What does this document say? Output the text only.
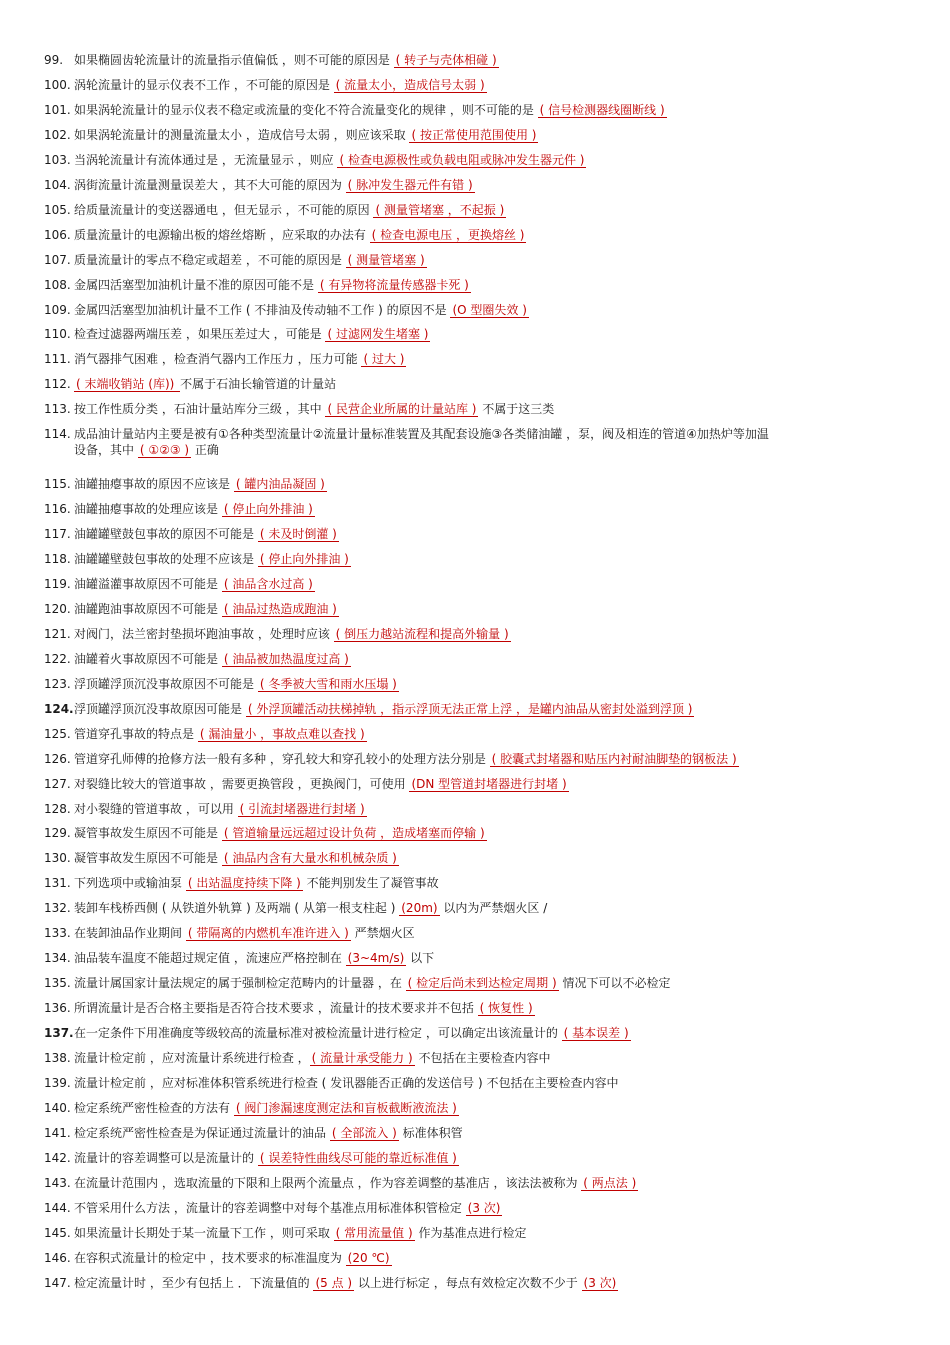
99. 如果椭圆齿轮流量计的流量指示值偏低 ，则不可能的原因是 ( 转子与壳体相碰 )
100. 涡轮流量计的显示仪表不工作 ，不可能的原因是 ( 流量太小，造成信号太弱 )
101. 如果涡轮流量计的显示仪表不稳定或流量的变化不符合流量变化的规律 ，则不可能的是 ( 信号检测器线圈断线 )
102. 如果涡轮流量计的测量流量太小 ，造成信号太弱 ，则应该采取 ( 按正常使用范围使用 )
103. 当涡轮流量计有流体通过是 ，无流量显示 ，则应 ( 检查电源极性或负载电阻或脉冲发生器元件 )
104. 涡街流量计流量测量误差大 ，其不大可能的原因为 ( 脉冲发生器元件有错 )
105. 给质量流量计的变送器通电 ，但无显示 ，不可能的原因 ( 测量管堵塞 ，不起振 )
106. 质量流量计的电源输出板的熔丝熔断 ，应采取的办法有 ( 检查电源电压 ，更换熔丝 )
107. 质量流量计的零点不稳定或超差 ，不可能的原因是 ( 测量管堵塞 )
108. 金属四活塞型加油机计量不准的原因可能不是 ( 有异物将流量传感器卡死 )
109. 金属四活塞型加油机计量不工作 ( 不排油及传动轴不工作 ) 的原因不是 (O 型圈失效 )
110. 检查过滤器两端压差 ，如果压差过大 ，可能是 ( 过滤网发生堵塞 )
111. 消气器排气困难 ，检查消气器内工作压力 ，压力可能 ( 过大 )
112. ( 末端收销站 (库)) 不属于石油长输管道的计量站
113. 按工作性质分类 ，石油计量站库分三级 ，其中 ( 民营企业所属的计量站库 ) 不属于这三类
114. 成品油计量站内主要是被有①各种类型流量计②流量计量标准装置及其配套设施③各类储油罐 ，泵，阀及相连的管道④加热炉等加温
设备，其中 ( ①②③ ) 正确
115. 油罐抽瘪事故的原因不应该是 ( 罐内油品凝固 )
116. 油罐抽瘪事故的处理应该是 ( 停止向外排油 )
117. 油罐罐壁鼓包事故的原因不可能是 ( 未及时倒灌 )
118. 油罐罐壁鼓包事故的处理不应该是 ( 停止向外排油 )
119. 油罐溢灌事故原因不可能是 ( 油品含水过高 )
120. 油罐跑油事故原因不可能是 ( 油品过热造成跑油 )
121. 对阀门，法兰密封垫损坏跑油事故 ，处理时应该 ( 倒压力越站流程和提高外输量 )
122. 油罐着火事故原因不可能是 ( 油品被加热温度过高 )
123. 浮顶罐浮顶沉没事故原因不可能是 ( 冬季被大雪和雨水压塌 )
124.浮顶罐浮顶沉没事故原因可能是 ( 外浮顶罐活动扶梯掉轨 ，指示浮顶无法正常上浮 ，是罐内油品从密封处溢到浮顶 )
125. 管道穿孔事故的特点是 ( 漏油量小 ，事故点难以查找 )
126. 管道穿孔师傅的抢修方法一般有多种 ，穿孔较大和穿孔较小的处理方法分别是 ( 胶囊式封堵器和贴压内衬耐油脚垫的钢板法 )
127. 对裂缝比较大的管道事故 ，需要更换管段 ，更换阀门，可使用 (DN 型管道封堵器进行封堵 )
128. 对小裂缝的管道事故 ，可以用 ( 引流封堵器进行封堵 )
129. 凝管事故发生原因不可能是 ( 管道输量远远超过设计负荷 ，造成堵塞而停输 )
130. 凝管事故发生原因不可能是 ( 油品内含有大量水和机械杂质 )
131. 下列选项中或输油泵 ( 出站温度持续下降 ) 不能判别发生了凝管事故
132. 装卸车栈桥西侧 ( 从铁道外轨算 ) 及两端 ( 从第一根支柱起 ) (20m) 以内为严禁烟火区 /
133. 在装卸油品作业期间 ( 带隔离的内燃机车准许进入 ) 严禁烟火区
134. 油品装车温度不能超过规定值 ，流速应严格控制在 (3~4m/s) 以下
135. 流量计属国家计量法规定的属于强制检定范畴内的计量器 ，在 ( 检定后尚未到达检定周期 ) 情况下可以不必检定
136. 所谓流量计是否合格主要指是否符合技术要求 ，流量计的技术要求并不包括 ( 恢复性 )
137.在一定条件下用准确度等级较高的流量标准对被检流量计进行检定 ，可以确定出该流量计的 ( 基本误差 )
138. 流量计检定前 ，应对流量计系统进行检查 ， ( 流量计承受能力 ) 不包括在主要检查内容中
139. 流量计检定前 ，应对标准体积管系统进行检查 ( 发讯器能否正确的发送信号 ) 不包括在主要检查内容中
140. 检定系统严密性检查的方法有 ( 阀门渗漏速度测定法和盲板截断液流法 )
141. 检定系统严密性检查是为保证通过流量计的油品 ( 全部流入 ) 标准体积管
142. 流量计的容差调整可以是流量计的 ( 误差特性曲线尽可能的靠近标准值 )
143. 在流量计范围内 ，选取流量的下限和上限两个流量点 ，作为容差调整的基准店 ，该法法被称为 ( 两点法 )
144. 不管采用什么方法 ，流量计的容差调整中对每个基准点用标准体积管检定 (3 次)
145. 如果流量计长期处于某一流量下工作 ，则可采取 ( 常用流量值 ) 作为基准点进行检定
146. 在容积式流量计的检定中 ，技术要求的标准温度为 (20 ℃)
147. 检定流量计时 ，至少有包括上 ．下流量值的 (5 点 ) 以上进行标定 ，每点有效检定次数不少于 (3 次)
